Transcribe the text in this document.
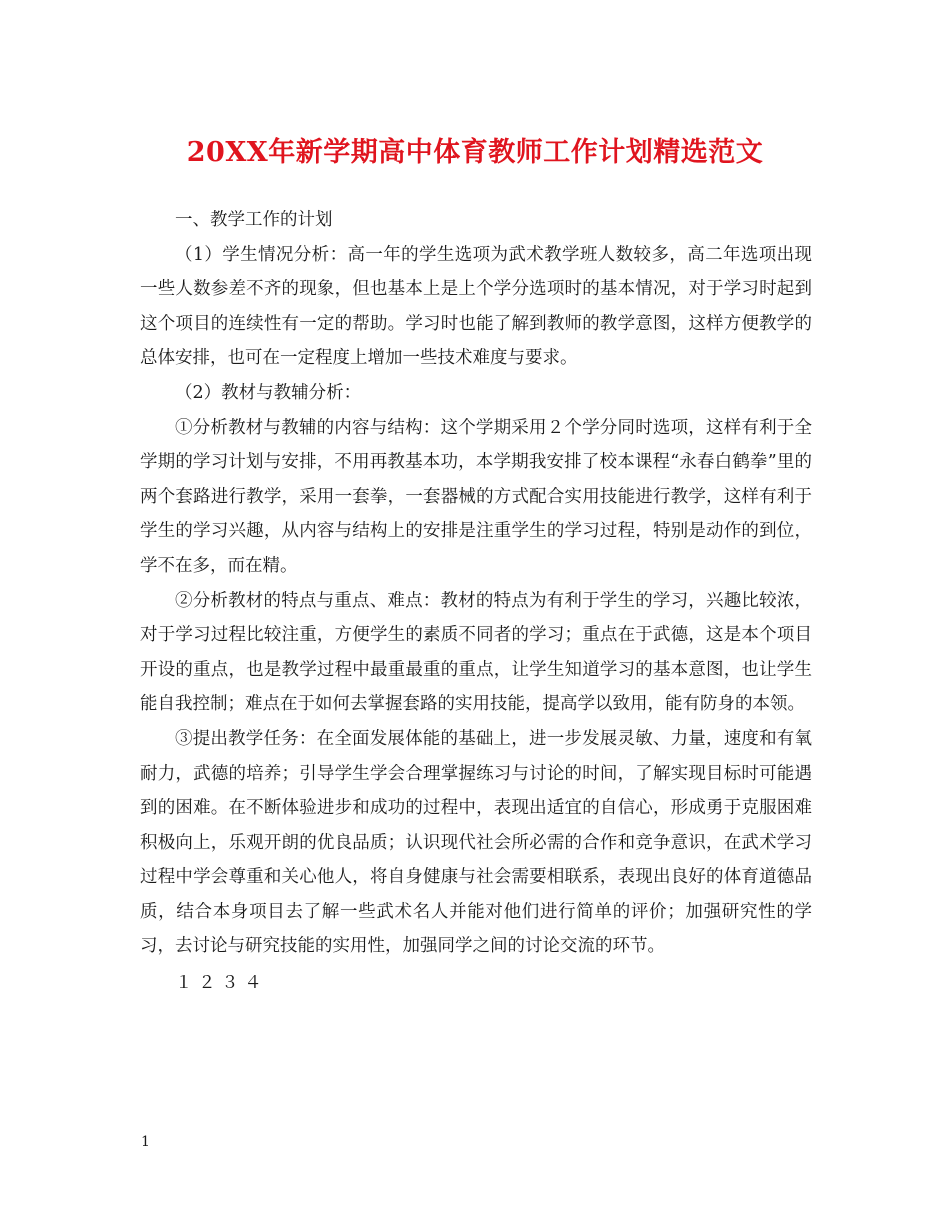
20XX年新学期高中体育教师工作计划精选范文

一、教学工作的计划

（1）学生情况分析：高一年的学生选项为武术教学班人数较多，高二年选项出现一些人数参差不齐的现象，但也基本上是上个学分选项时的基本情况，对于学习时起到这个项目的连续性有一定的帮助。学习时也能了解到教师的教学意图，这样方便教学的总体安排，也可在一定程度上增加一些技术难度与要求。

（2）教材与教辅分析：

①分析教材与教辅的内容与结构：这个学期采用２个学分同时选项，这样有利于全学期的学习计划与安排，不用再教基本功，本学期我安排了校本课程“永春白鹤拳”里的两个套路进行教学，采用一套拳，一套器械的方式配合实用技能进行教学，这样有利于学生的学习兴趣，从内容与结构上的安排是注重学生的学习过程，特别是动作的到位，学不在多，而在精。

②分析教材的特点与重点、难点：教材的特点为有利于学生的学习，兴趣比较浓，对于学习过程比较注重，方便学生的素质不同者的学习；重点在于武德，这是本个项目开设的重点，也是教学过程中最重最重的重点，让学生知道学习的基本意图，也让学生能自我控制；难点在于如何去掌握套路的实用技能，提高学以致用，能有防身的本领。

③提出教学任务：在全面发展体能的基础上，进一步发展灵敏、力量，速度和有氧耐力，武德的培养；引导学生学会合理掌握练习与讨论的时间，了解实现目标时可能遇到的困难。在不断体验进步和成功的过程中，表现出适宜的自信心，形成勇于克服困难积极向上，乐观开朗的优良品质；认识现代社会所必需的合作和竞争意识，在武术学习过程中学会尊重和关心他人，将自身健康与社会需要相联系，表现出良好的体育道德品质，结合本身项目去了解一些武术名人并能对他们进行简单的评价；加强研究性的学习，去讨论与研究技能的实用性，加强同学之间的讨论交流的环节。

１ ２ ３ ４

1
